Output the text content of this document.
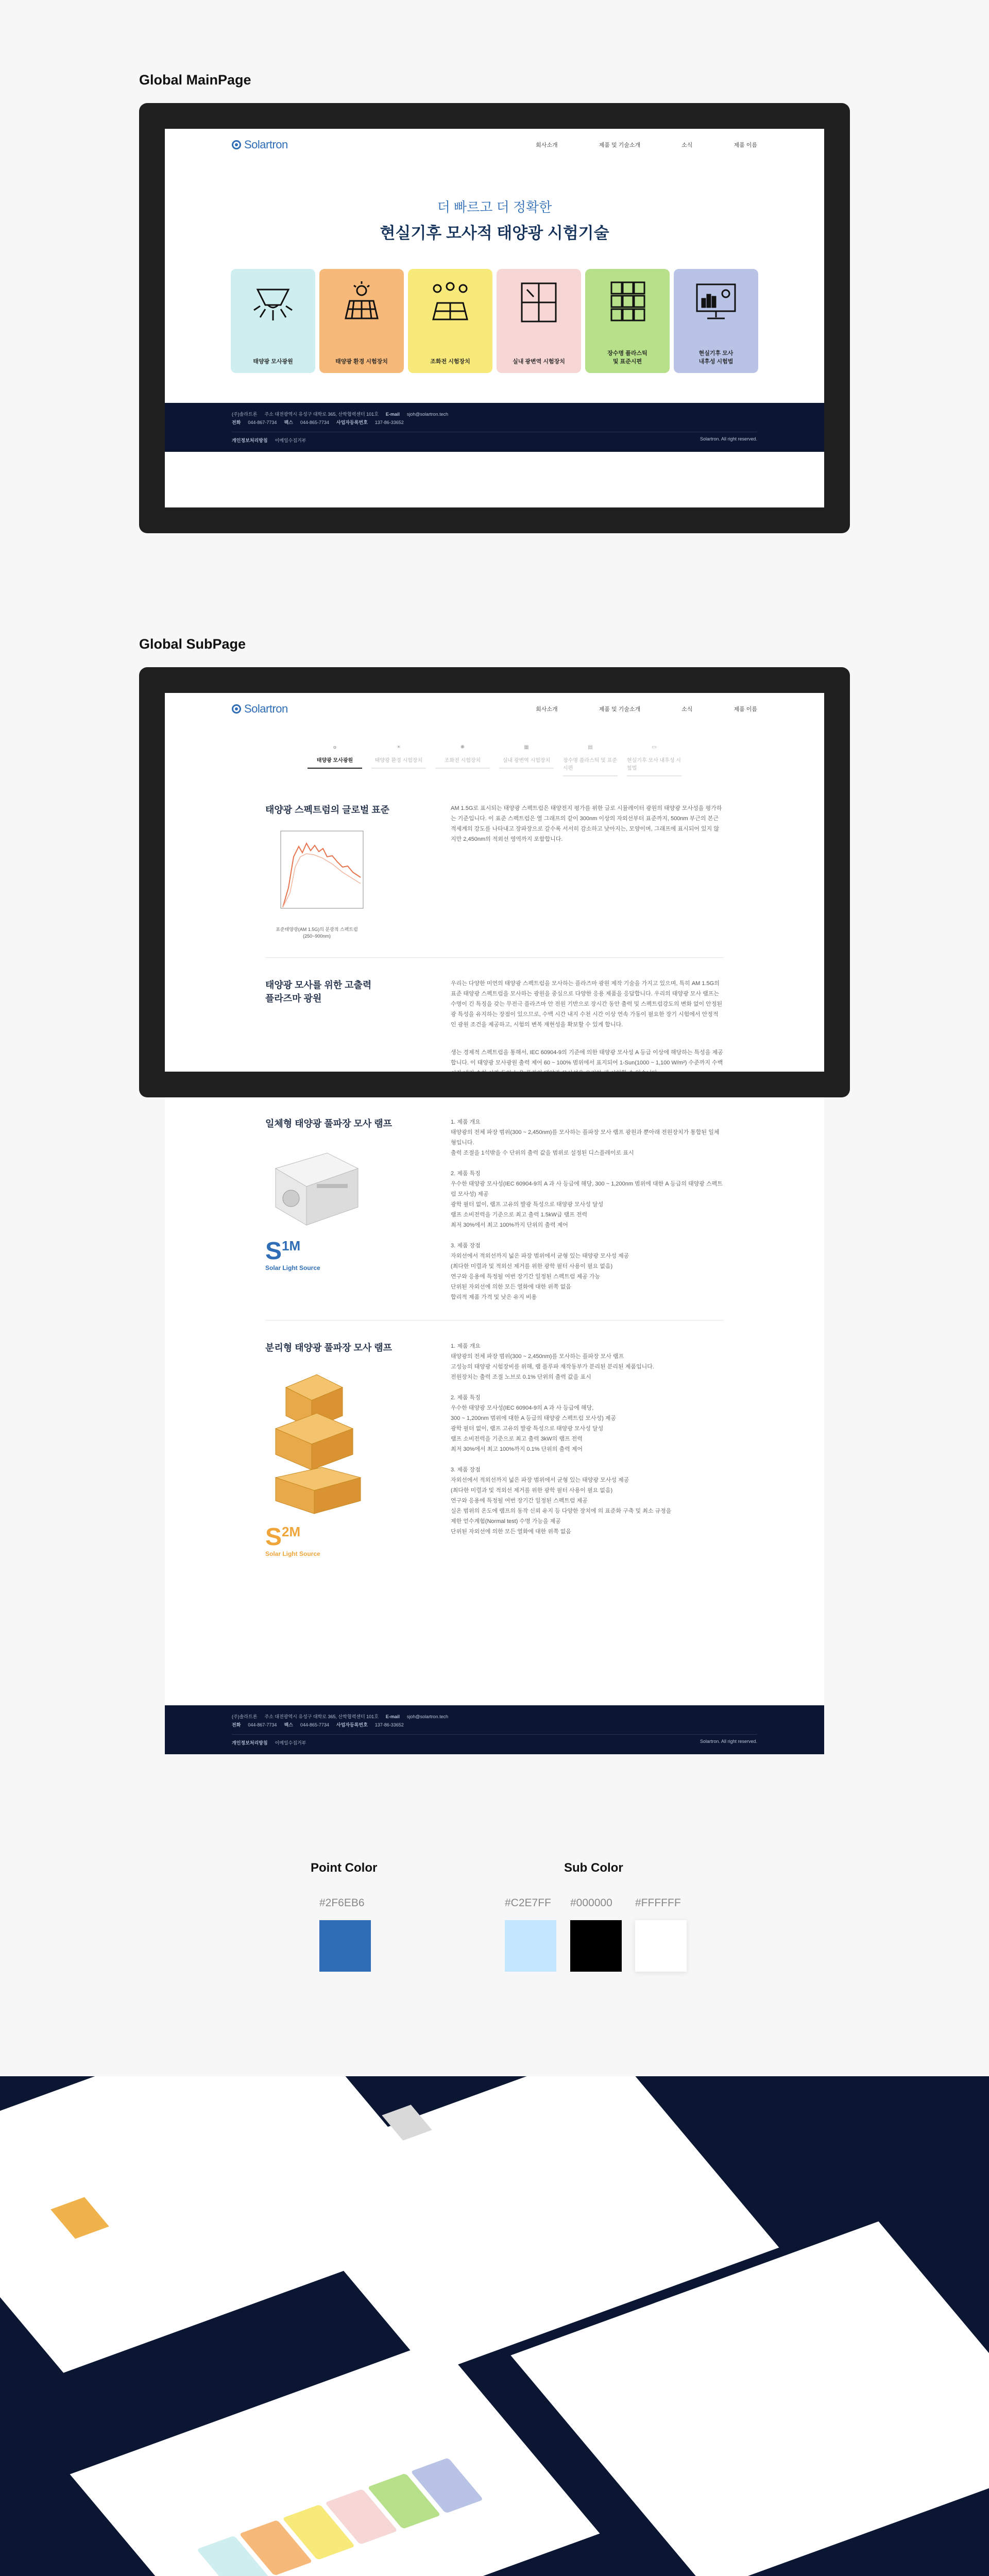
Global MainPage
Solartron	회사소개	제품 및 기술소개	소식	제품 이름
더 빠르고 더 정확한
현실기후 모사적 태양광 시험기술
태양광 모사광원	태양광 환경 시험장치	조화전 시험장치	실내 광변역 시험장치
장수명 플라스틱
및 표준시편
현실기후 모사
내후성 시험법
(주)솔라트론 주소 대전광역시 유성구 대학로 365, 산학협력센터 101호 E-mail sjoh@solartron.tech
전화 044-867-7734 팩스 044-865-7734 사업자등록번호 137-86-33652
개인정보처리방침 이메일수집거부	Solartron. All right reserved.
Global SubPage
Solartron	회사소개	제품 및 기술소개	소식	제품 이름
☼
태양광 모사광원
☀
태양광 환경 시험장치
✺
조화전 시험장치
▦
실내 광변역 시험장치
▤
장수명 플라스틱 및 표준시편
▭
현실기후 모사 내후성 시험법
태양광 스펙트럼의 글로벌 표준
표준태양광(AM 1.5G)의 분광적 스펙트럼
(250~900nm)
AM 1.5G로 표시되는 태양광 스펙트럼은 태양전지 평가를 위한 글로 시뮬레이터 광원의 태양광 모사성을 평가하는 기준입니다. 이 표준 스펙트럼은 열 그래프의 같이 300nm 이상의 자외선부터 표준까지, 500nm 부근의 본근적세계의 강도를 나타내고 장파장으로 갈수록 서서히 감소하고 낮아지는, 모양이며, 그래프에 표시되어 있지 않지만 2,450nm의 적외선 영역까지 포함합니다.
태양광 모사를 위한 고출력
플라즈마 광원
우리는 다양한 미연의 태양광 스펙트럼을 모사하는 플라즈마 광원 제작 기술을 가지고 있으며, 특히 AM 1.5G의 표준 태양광 스펙트럼을 모사하는 광원을 중심으로 다양한 응용 제품을 응답합니다. 우리의 태양광 모사 램프는 수명이 긴 특징을 갖는 무전극 플라즈마 안 전원 기반으로 장시간 동안 출력 및 스펙트럼강도의 변화 없이 안정된 광 특성을 유지하는 장점이 있으므로, 수백 시간 내지 수천 시간 이상 연속 가동이 필요한 장기 시험에서 안정적인 광원 조건을 제공하고, 시험의 변복 재현성을 확보할 수 있게 합니다.
생는 경제적 스펙트럼을 통해서, IEC 60904-9의 기준에 의한 태양광 모사성 A 등급 이상에 해당하는 특성을 제공합니다. 이 태양광 모사광원 출력 제어 60 ~ 100% 범위에서 표지되어 1-Sun(1000 ~ 1,100 W/m²) 수준까지 수백
일체형 태양광 풀파장 모사 램프
$S^{1M}$
Solar Light Source
1. 제품 개요
태양광의 전체 파장 범위(300 ~ 2,450nm)를 모사하는 플파장 모사 램프 광원과 뿐아래 전원장치가 통합된 일체형입니다.
출력 조절을 1석밖을 수 단위의 출력 값을 범위로 설정된 디스플레이로 표시

2. 제품 특징
우수한 태양광 모사성(IEC 60904-9의 A 과 사 등급에 해당, 300 ~ 1,200nm 범위에 대한 A 등급의 태양광 스펙트럼 모사성) 제공
광학 필터 없이, 램프 고유의 발광 특성으로 태양광 모사성 달성
램프 소비전력을 기준으로 최고 출력 1.5kW급 램프 전력
최저 30%에서 최고 100%까지 단위의 출력 제어

3. 제품 장점
자외선에서 적외선까지 넓은 파장 범위에서 균형 있는 태양광 모사성 제공
(최다한 미렬과 및 적외선 제거를 위한 광학 필터 사용이 필요 없음)
연구와 응용에 특정될 여번 장기간 일정된 스펙트럼 제공 가능
단위된 자외선에 의한 모든 열화에 대한 위쪽 없음
합리적 제품 가격 및 낮은 유지 비용
분리형 태양광 풀파장 모사 램프
$S^{2M}$
Solar Light Source
1. 제품 개요
태양광의 전체 파장 범위(300 ~ 2,450nm)를 모사하는 플파장 모사 램프
고성능의 태양광 시험장비를 위해, 램 플루파 재작동부가 분리된 분리된 제품입니다.
전원장치는 출력 조절 노브로 0.1% 단위의 출력 값을 표시

2. 제품 특징
우수한 태양광 모사성(IEC 60904-9의 A 과 사 등급에 해당,
300 ~ 1,200nm 범위에 대한 A 등급의 태양광 스펙트럼 모사성) 제공
광학 필터 없이, 램프 고유의 발광 특성으로 태양광 모사성 달성
램프 소비전력을 기준으로 최고 출력 3kW의 램프 전력
최저 30%에서 최고 100%까지 0.1% 단위의 출력 제어

3. 제품 장점
자외선에서 적외선까지 넓은 파장 범위에서 균형 있는 태양광 모사성 제공
(최다한 미렬과 및 적외선 제거를 위한 광학 필터 사용이 필요 없음)
연구와 응용에 특정될 여번 장기간 일정된 스펙트럼 제공
실온 범위의 온도에 램프의 동작 신뢰 유지 등 다양한 장치에 의 표준화 구축 및 최소 규정을
제한 얻수계험(Normal test) 수명 가능을 제공
단위된 자외선에 의한 모든 열화에 대한 위쪽 없음
(주)솔라트론 주소 대전광역시 유성구 대학로 365, 산학협력센터 101호 E-mail sjoh@solartron.tech
전화 044-867-7734 팩스 044-865-7734 사업자등록번호 137-86-33652
개인정보처리방침 이메일수집거부	Solartron. All right reserved.
Point Color	Sub Color
#2F6EB6	#C2E7FF #000000 #FFFFFF
